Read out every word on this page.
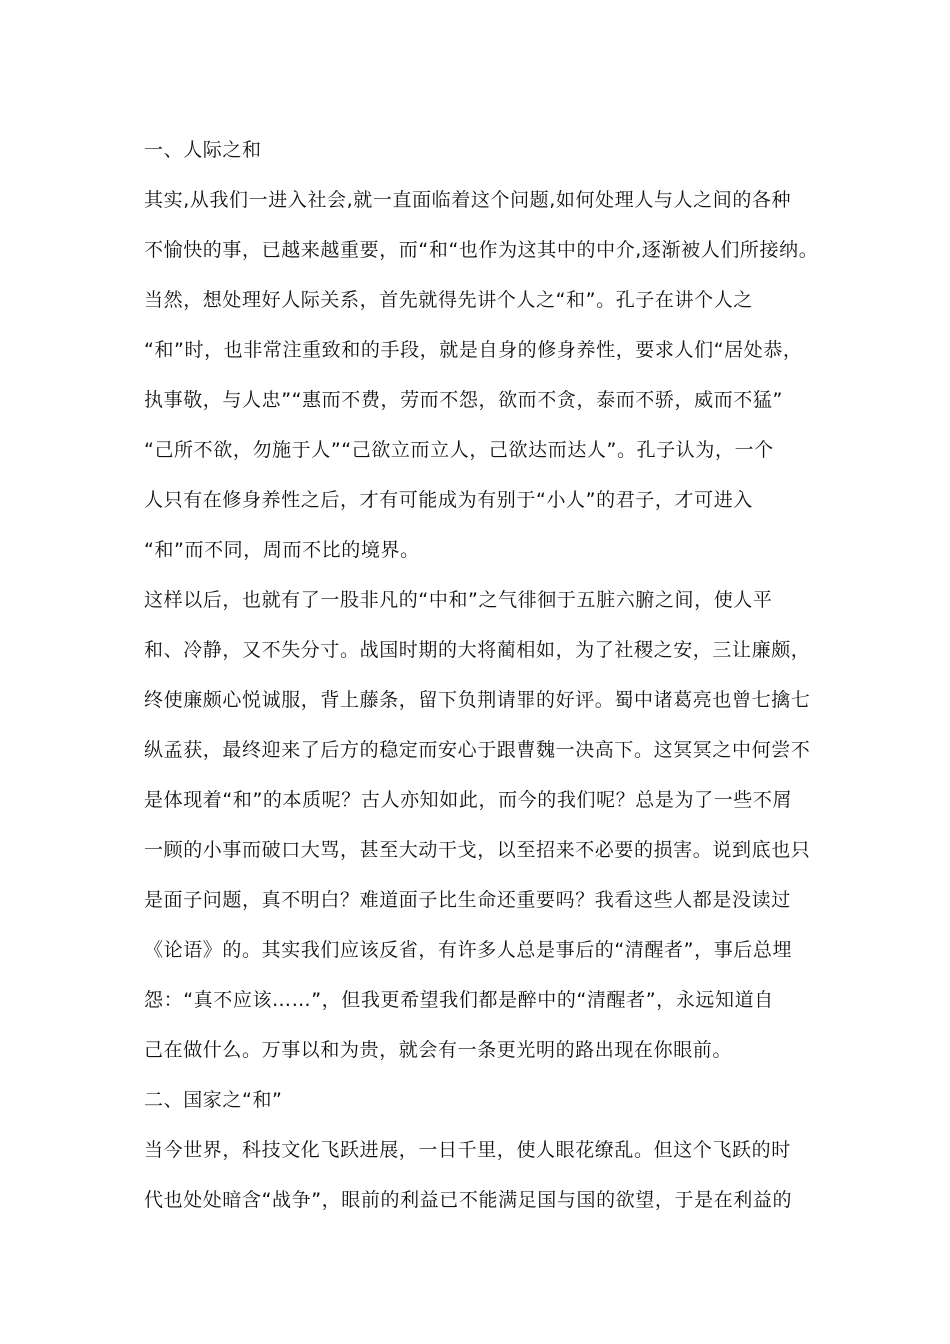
一、人际之和
其实,从我们一进入社会,就一直面临着这个问题,如何处理人与人之间的各种
不愉快的事，已越来越重要，而“和“也作为这其中的中介,逐渐被人们所接纳。
当然，想处理好人际关系，首先就得先讲个人之“和”。孔子在讲个人之
“和”时，也非常注重致和的手段，就是自身的修身养性，要求人们“居处恭，
执事敬，与人忠”“惠而不费，劳而不怨，欲而不贪，泰而不骄，威而不猛”
“己所不欲，勿施于人”“己欲立而立人，己欲达而达人”。孔子认为，一个
人只有在修身养性之后，才有可能成为有别于“小人”的君子，才可进入
“和”而不同，周而不比的境界。
这样以后，也就有了一股非凡的“中和”之气徘徊于五脏六腑之间，使人平
和、冷静，又不失分寸。战国时期的大将蔺相如，为了社稷之安，三让廉颇，
终使廉颇心悦诚服，背上藤条，留下负荆请罪的好评。蜀中诸葛亮也曾七擒七
纵孟获，最终迎来了后方的稳定而安心于跟曹魏一决高下。这冥冥之中何尝不
是体现着“和”的本质呢？古人亦知如此，而今的我们呢？总是为了一些不屑
一顾的小事而破口大骂，甚至大动干戈，以至招来不必要的损害。说到底也只
是面子问题，真不明白？难道面子比生命还重要吗？我看这些人都是没读过
《论语》的。其实我们应该反省，有许多人总是事后的“清醒者”，事后总埋
怨：“真不应该……”，但我更希望我们都是醉中的“清醒者”，永远知道自
己在做什么。万事以和为贵，就会有一条更光明的路出现在你眼前。
二、国家之“和”
当今世界，科技文化飞跃进展，一日千里，使人眼花缭乱。但这个飞跃的时
代也处处暗含“战争”，眼前的利益已不能满足国与国的欲望，于是在利益的
